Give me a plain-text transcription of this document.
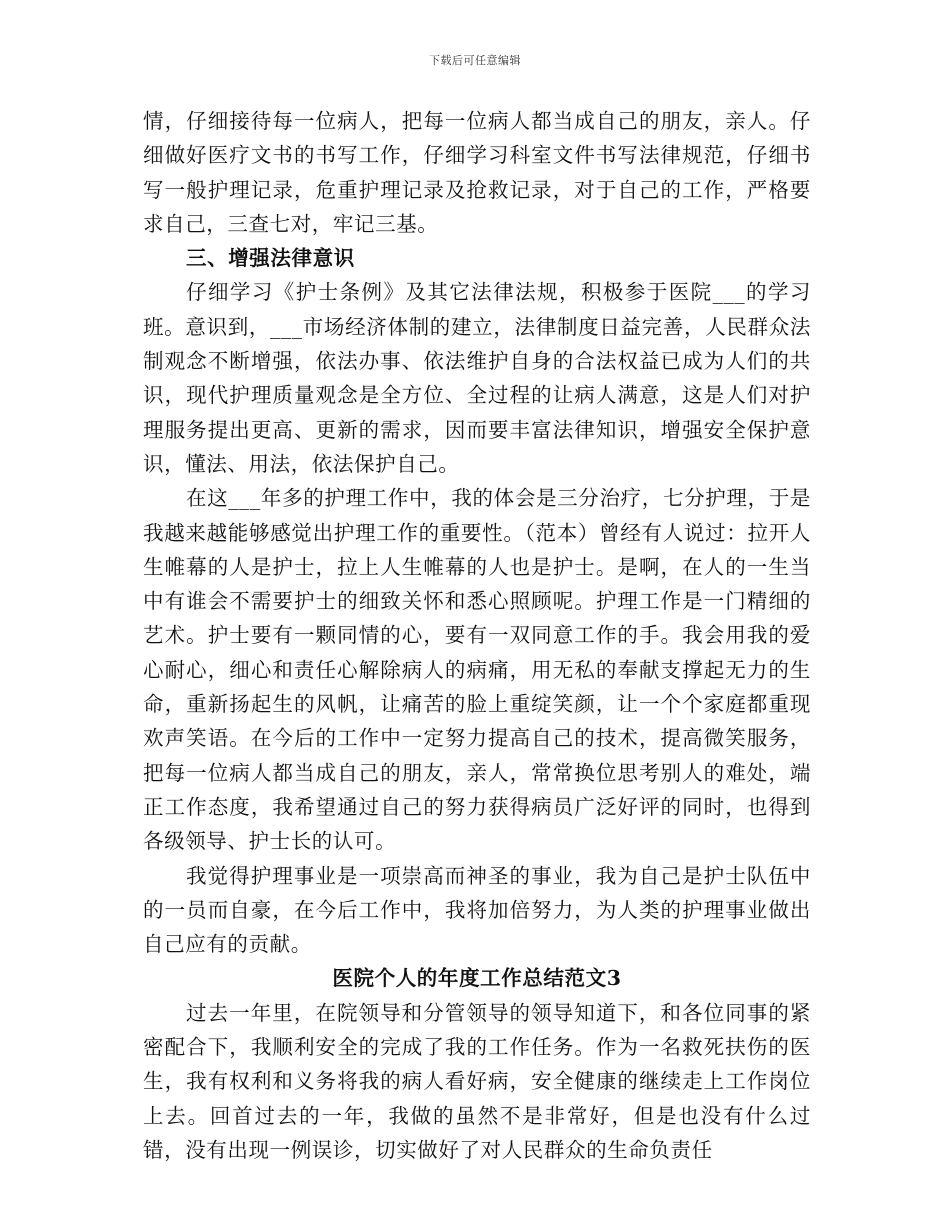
下载后可任意编辑

情，仔细接待每一位病人，把每一位病人都当成自己的朋友，亲人。仔细做好医疗文书的书写工作，仔细学习科室文件书写法律规范，仔细书写一般护理记录，危重护理记录及抢救记录，对于自己的工作，严格要求自己，三查七对，牢记三基。

三、增强法律意识

仔细学习《护士条例》及其它法律法规，积极参于医院___的学习班。意识到，___市场经济体制的建立，法律制度日益完善，人民群众法制观念不断增强，依法办事、依法维护自身的合法权益已成为人们的共识，现代护理质量观念是全方位、全过程的让病人满意，这是人们对护理服务提出更高、更新的需求，因而要丰富法律知识，增强安全保护意识，懂法、用法，依法保护自己。

在这___年多的护理工作中，我的体会是三分治疗，七分护理，于是我越来越能够感觉出护理工作的重要性。（范本）曾经有人说过：拉开人生帷幕的人是护士，拉上人生帷幕的人也是护士。是啊，在人的一生当中有谁会不需要护士的细致关怀和悉心照顾呢。护理工作是一门精细的艺术。护士要有一颗同情的心，要有一双同意工作的手。我会用我的爱心耐心，细心和责任心解除病人的病痛，用无私的奉献支撑起无力的生命，重新扬起生的风帆，让痛苦的脸上重绽笑颜，让一个个家庭都重现欢声笑语。在今后的工作中一定努力提高自己的技术，提高微笑服务，把每一位病人都当成自己的朋友，亲人，常常换位思考别人的难处，端正工作态度，我希望通过自己的努力获得病员广泛好评的同时，也得到各级领导、护士长的认可。

我觉得护理事业是一项崇高而神圣的事业，我为自己是护士队伍中的一员而自豪，在今后工作中，我将加倍努力，为人类的护理事业做出自己应有的贡献。

医院个人的年度工作总结范文3

过去一年里，在院领导和分管领导的领导知道下，和各位同事的紧密配合下，我顺利安全的完成了我的工作任务。作为一名救死扶伤的医生，我有权利和义务将我的病人看好病，安全健康的继续走上工作岗位上去。回首过去的一年，我做的虽然不是非常好，但是也没有什么过错，没有出现一例误诊，切实做好了对人民群众的生命负责任
